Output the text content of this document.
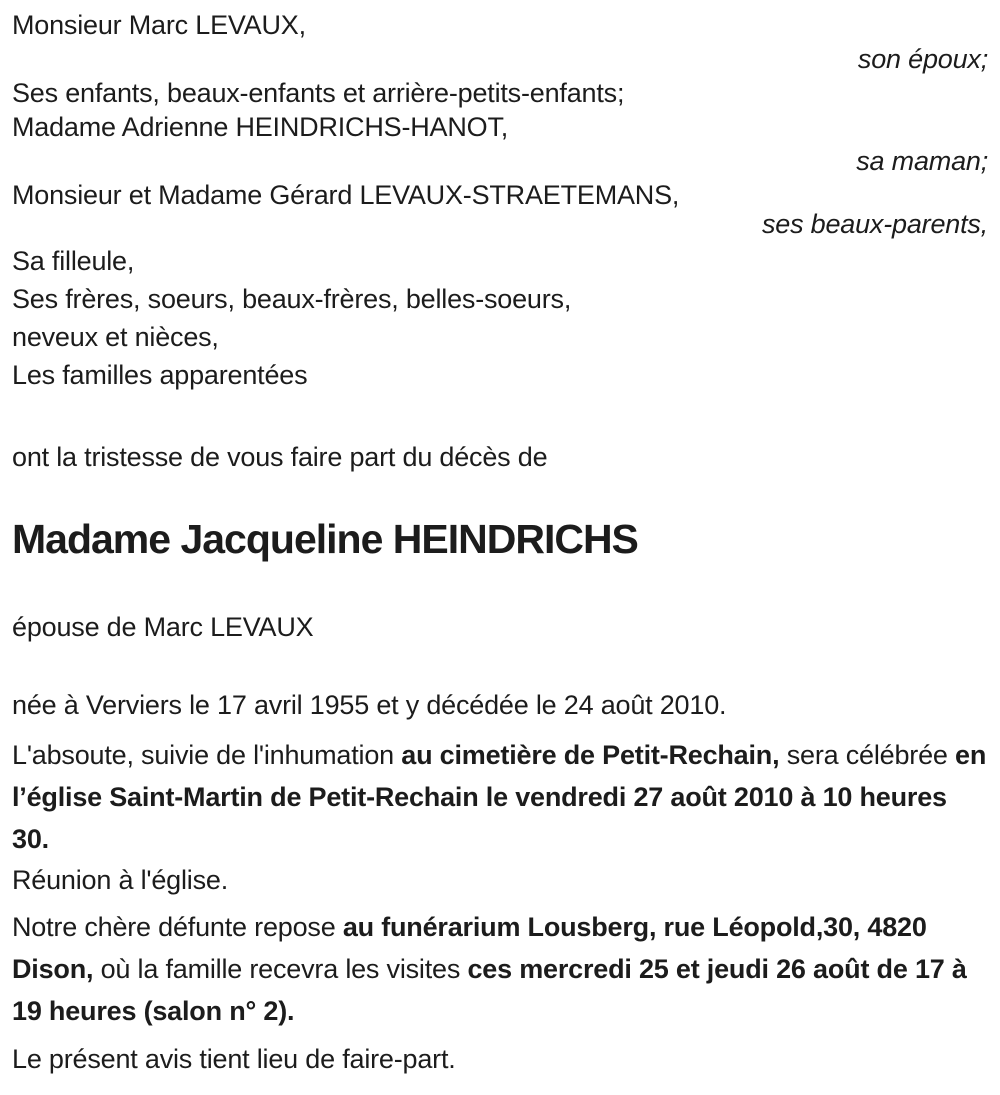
Monsieur Marc LEVAUX,
son époux;
Ses enfants, beaux-enfants et arrière-petits-enfants;
Madame Adrienne HEINDRICHS-HANOT,
sa maman;
Monsieur et Madame Gérard LEVAUX-STRAETEMANS,
ses beaux-parents,
Sa filleule,
Ses frères, soeurs, beaux-frères, belles-soeurs,
neveux et nièces,
Les familles apparentées
ont la tristesse de vous faire part du décès de
Madame Jacqueline HEINDRICHS
épouse de Marc LEVAUX
née à Verviers le 17 avril 1955 et y décédée le 24 août 2010.

L'absoute, suivie de l'inhumation au cimetière de Petit-Rechain, sera célébrée en l’église Saint-Martin de Petit-Rechain le vendredi 27 août 2010 à 10 heures 30.

Réunion à l'église.

Notre chère défunte repose au funérarium Lousberg, rue Léopold,30, 4820 Dison, où la famille recevra les visites ces mercredi 25 et jeudi 26 août de 17 à 19 heures (salon n° 2).

Le présent avis tient lieu de faire-part.
